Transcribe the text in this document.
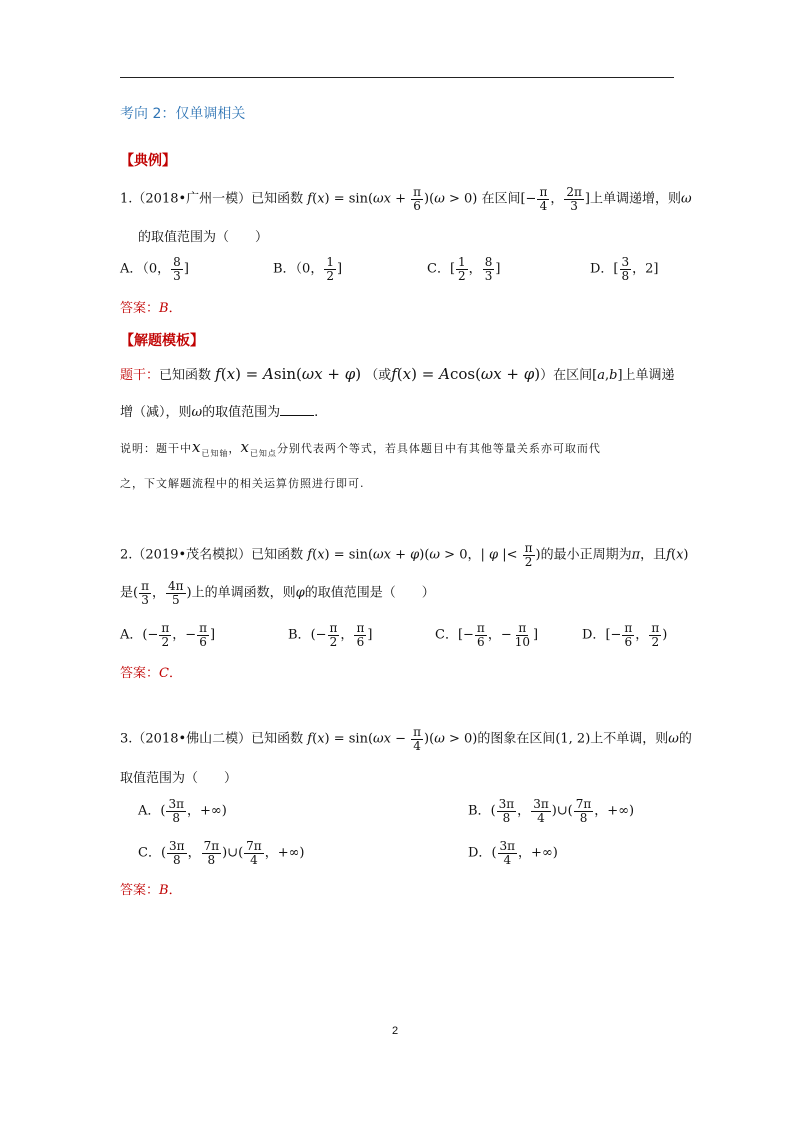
考向 2：仅单调相关
【典例】
1.（2018•广州一模）已知函数 $f(x) = \sin(\omega x + \frac{\pi}{6} )(\omega > 0)$ 在区间[− $\frac{\pi}{4}$ ， $\frac{2\pi}{3}$ ]上单调递增，则ω
的取值范围为（　　）
A．（0， $\frac{8}{3}$ ]	B．（0， $\frac{1}{2}$ ]	C．[ $\frac{1}{2}$ ， $\frac{8}{3}$ ]	D．[ $\frac{3}{8}$ ，2]
答案：B．
【解题模板】
题干：已知函数 f(x) = Asin(ωx + φ) （或f(x) = Acos(ωx + φ)）在区间[a,b]上单调递
增（减），则ω的取值范围为	.
说明：题干中$x_{已知轴}$，$x_{已知点}$分别代表两个等式，若具体题目中有其他等量关系亦可取而代
之，下文解题流程中的相关运算仿照进行即可.
2.（2019•茂名模拟）已知函数 f(x) = sin(ωx + φ)(ω > 0，| φ |< $\frac{\pi}{2}$ )的最小正周期为π，且f(x)
是( $\frac{\pi}{3}$ ， $\frac{4\pi}{5}$ )上的单调函数，则φ的取值范围是（　　）
A．(− $\frac{\pi}{2}$ ，− $\frac{\pi}{6}$ ]	B．(− $\frac{\pi}{2}$ ， $\frac{\pi}{6}$ ]	C．[− $\frac{\pi}{6}$ ，− $\frac{\pi}{10}$ ]	D．[− $\frac{\pi}{6}$ ， $\frac{\pi}{2}$ )
答案：C．
3.（2018•佛山二模）已知函数 $f(x) = \sin(\omega x - \frac{\pi}{4} )(\omega > 0)$的图象在区间(1, 2)上不单调，则ω的
取值范围为（　　）
A．( $\frac{3\pi}{8}$ ，+∞)	B．( $\frac{3\pi}{8}$ ， $\frac{3\pi}{4}$ )∪( $\frac{7\pi}{8}$ ，+∞)
C．( $\frac{3\pi}{8}$ ， $\frac{7\pi}{8}$ )∪( $\frac{7\pi}{4}$ ，+∞)	D．( $\frac{3\pi}{4}$ ，+∞)
答案：B．
2
